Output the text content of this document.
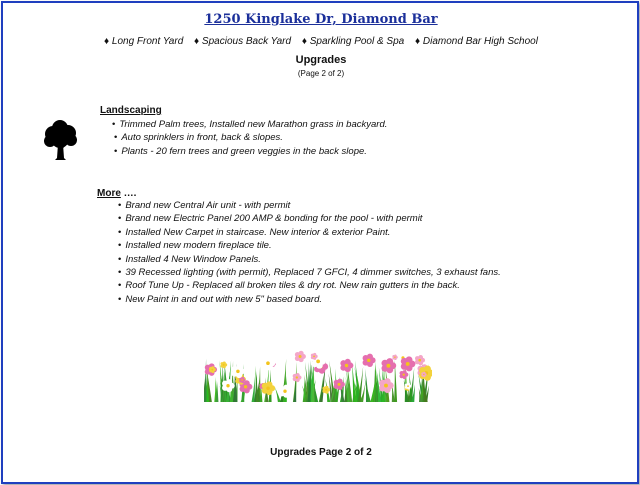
1250 Kinglake Dr, Diamond Bar
♦ Long Front Yard ♦ Spacious Back Yard ♦ Sparkling Pool & Spa ♦ Diamond Bar High School
Upgrades
(Page 2 of 2)
Landscaping
• Trimmed Palm trees, Installed new Marathon grass in backyard.
• Auto sprinklers in front, back & slopes.
• Plants - 20 fern trees and green veggies in the back slope.
More ….
• Brand new Central Air unit - with permit
• Brand new Electric Panel 200 AMP & bonding for the pool - with permit
• Installed New Carpet in staircase. New interior & exterior Paint.
• Installed new modern fireplace tile.
• Installed 4 New Window Panels.
• 39 Recessed lighting (with permit), Replaced 7 GFCI, 4 dimmer switches, 3 exhaust fans.
• Roof Tune Up - Replaced all broken tiles & dry rot. New rain gutters in the back.
• New Paint in and out with new 5" based board.
Upgrades Page 2 of 2
